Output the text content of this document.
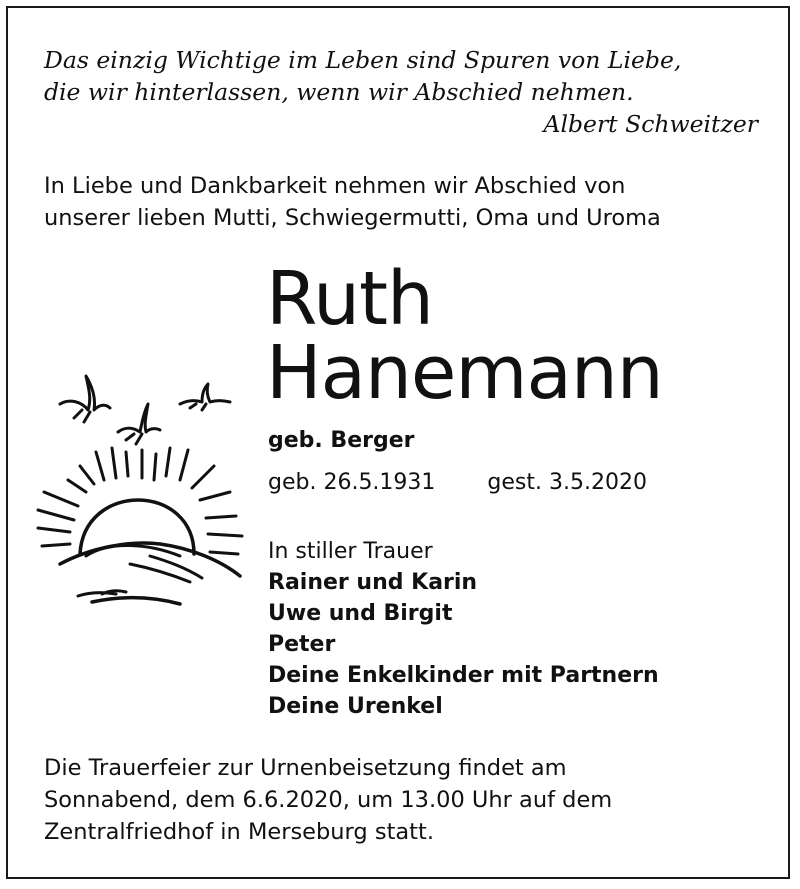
Das einzig Wichtige im Leben sind Spuren von Liebe,
die wir hinterlassen, wenn wir Abschied nehmen.
Albert Schweitzer
In Liebe und Dankbarkeit nehmen wir Abschied von
unserer lieben Mutti, Schwiegermutti, Oma und Uroma
Ruth
Hanemann
geb. Berger
geb. 26.5.1931 gest. 3.5.2020
In stiller Trauer
Rainer und Karin
Uwe und Birgit
Peter
Deine Enkelkinder mit Partnern
Deine Urenkel
Die Trauerfeier zur Urnenbeisetzung findet am
Sonnabend, dem 6.6.2020, um 13.00 Uhr auf dem
Zentralfriedhof in Merseburg statt.
